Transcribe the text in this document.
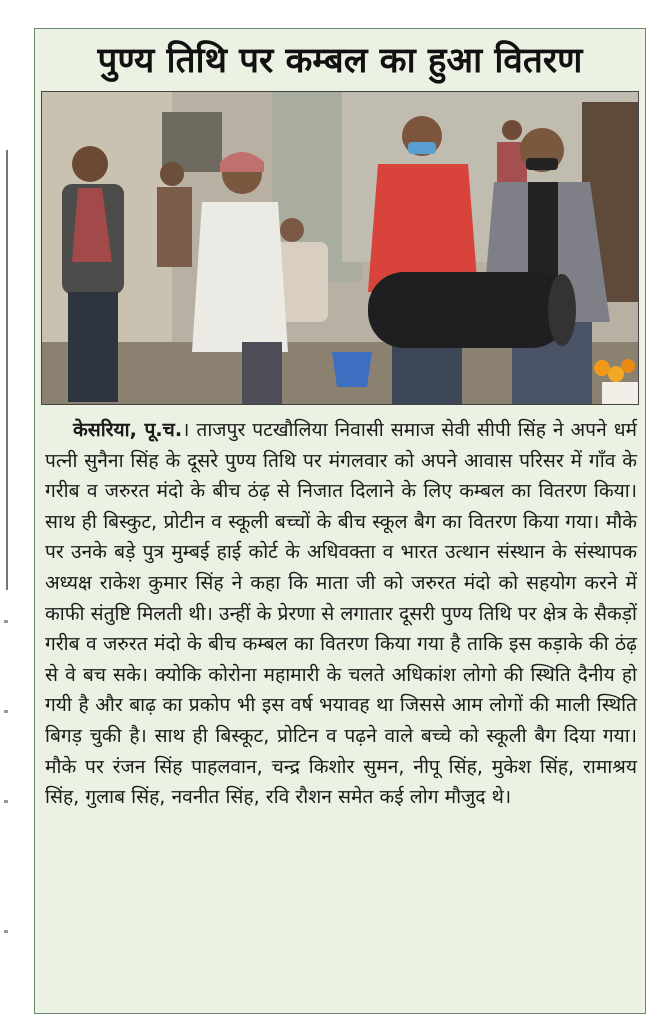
पुण्य तिथि पर कम्बल का हुआ वितरण
केसरिया, पू.च.। ताजपुर पटखौलिया निवासी समाज सेवी सीपी सिंह ने अपने धर्म पत्नी सुनैना सिंह के दूसरे पुण्य तिथि पर मंगलवार को अपने आवास परिसर में गाँव के गरीब व जरुरत मंदो के बीच ठंढ़ से निजात दिलाने के लिए कम्बल का वितरण किया। साथ ही बिस्कुट, प्रोटीन व स्कूली बच्चों के बीच स्कूल बैग का वितरण किया गया। मौके पर उनके बड़े पुत्र मुम्बई हाई कोर्ट के अधिवक्ता व भारत उत्थान संस्थान के संस्थापक अध्यक्ष राकेश कुमार सिंह ने कहा कि माता जी को जरुरत मंदो को सहयोग करने में काफी संतुष्टि मिलती थी। उन्हीं के प्रेरणा से लगातार दूसरी पुण्य तिथि पर क्षेत्र के सैकड़ों गरीब व जरुरत मंदो के बीच कम्बल का वितरण किया गया है ताकि इस कड़ाके की ठंढ़ से वे बच सके। क्योकि कोरोना महामारी के चलते अधिकांश लोगो की स्थिति दैनीय हो गयी है और बाढ़ का प्रकोप भी इस वर्ष भयावह था जिससे आम लोगों की माली स्थिति बिगड़ चुकी है। साथ ही बिस्कूट, प्रोटिन व पढ़ने वाले बच्चे को स्कूली बैग दिया गया। मौके पर रंजन सिंह पाहलवान, चन्द्र किशोर सुमन, नीपू सिंह, मुकेश सिंह, रामाश्रय सिंह, गुलाब सिंह, नवनीत सिंह, रवि रौशन समेत कई लोग मौजुद थे।
